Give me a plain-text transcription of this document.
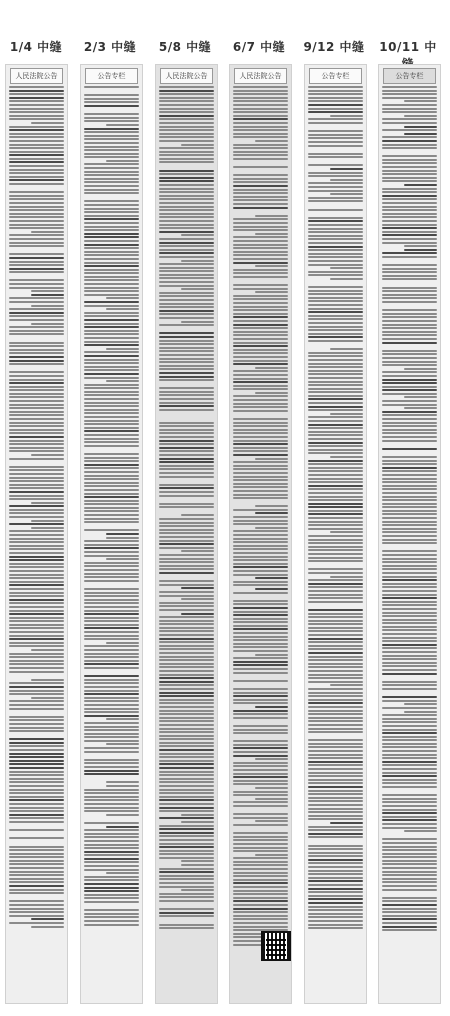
1/4 中缝	2/3 中缝	5/8 中缝	6/7 中缝	9/12 中缝	10/11 中
人民法院公告	公告专栏	人民法院公告	人民法院公告	公告专栏	公告专栏
